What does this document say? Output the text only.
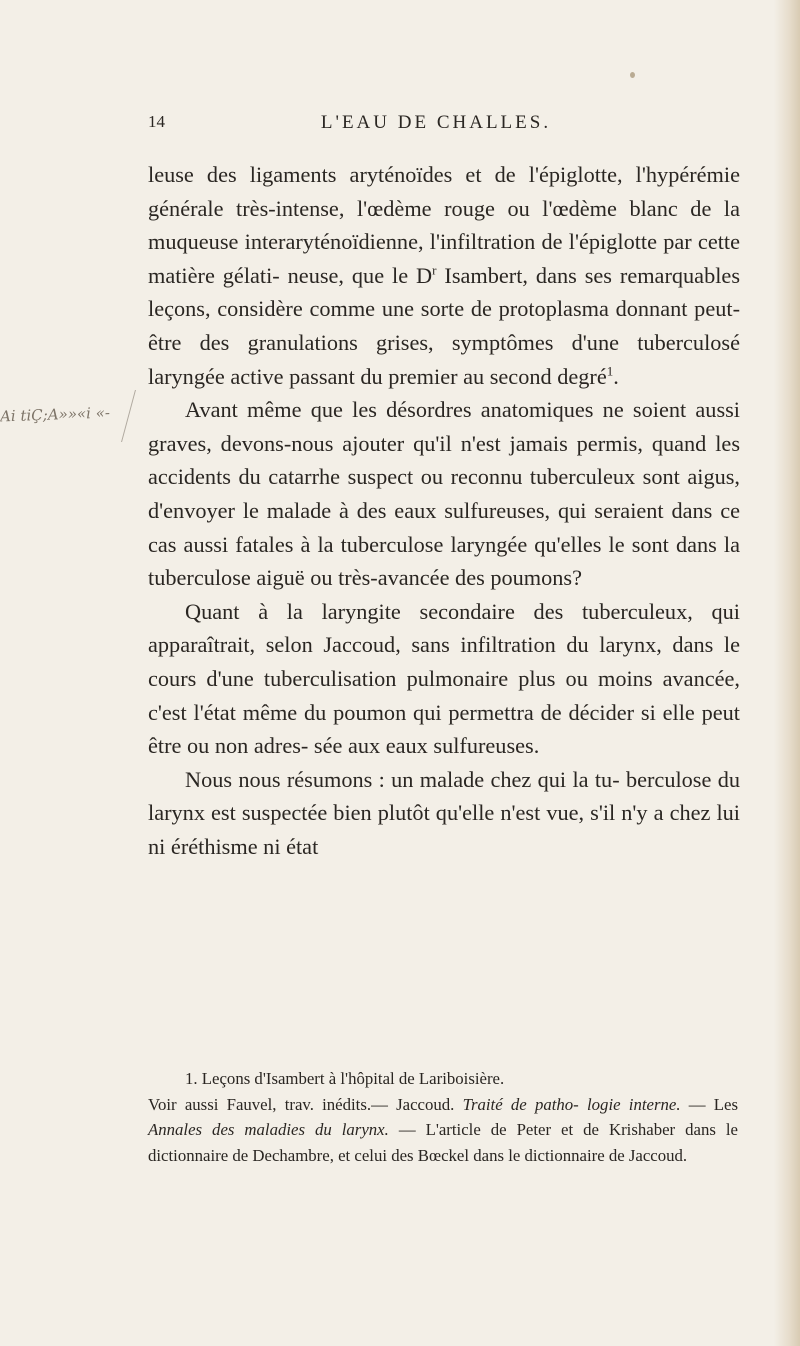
14	L'EAU DE CHALLES.
Ai tiÇ;A»»«i «-

leuse des ligaments aryténoïdes et de l'épiglotte, l'hypérémie générale très-intense, l'œdème rouge ou l'œdème blanc de la muqueuse interaryténoïdienne, l'infiltration de l'épiglotte par cette matière gélati- neuse, que le D$^r$ Isambert, dans ses remarquables leçons, considère comme une sorte de protoplasma donnant peut-être des granulations grises, symptômes d'une tuberculosé laryngée active passant du premier au second degré$^1$.

Avant même que les désordres anatomiques ne soient aussi graves, devons-nous ajouter qu'il n'est jamais permis, quand les accidents du catarrhe suspect ou reconnu tuberculeux sont aigus, d'envoyer le malade à des eaux sulfureuses, qui seraient dans ce cas aussi fatales à la tuberculose laryngée qu'elles le sont dans la tuberculose aiguë ou très-avancée des poumons?

Quant à la laryngite secondaire des tuberculeux, qui apparaîtrait, selon Jaccoud, sans infiltration du larynx, dans le cours d'une tuberculisation pulmonaire plus ou moins avancée, c'est l'état même du poumon qui permettra de décider si elle peut être ou non adres- sée aux eaux sulfureuses.

Nous nous résumons : un malade chez qui la tu- berculose du larynx est suspectée bien plutôt qu'elle n'est vue, s'il n'y a chez lui ni éréthisme ni état

1. Leçons d'Isambert à l'hôpital de Lariboisière.

Voir aussi Fauvel, trav. inédits.— Jaccoud. Traité de patho- logie interne. — Les Annales des maladies du larynx. — L'article de Peter et de Krishaber dans le dictionnaire de Dechambre, et celui des Bœckel dans le dictionnaire de Jaccoud.
